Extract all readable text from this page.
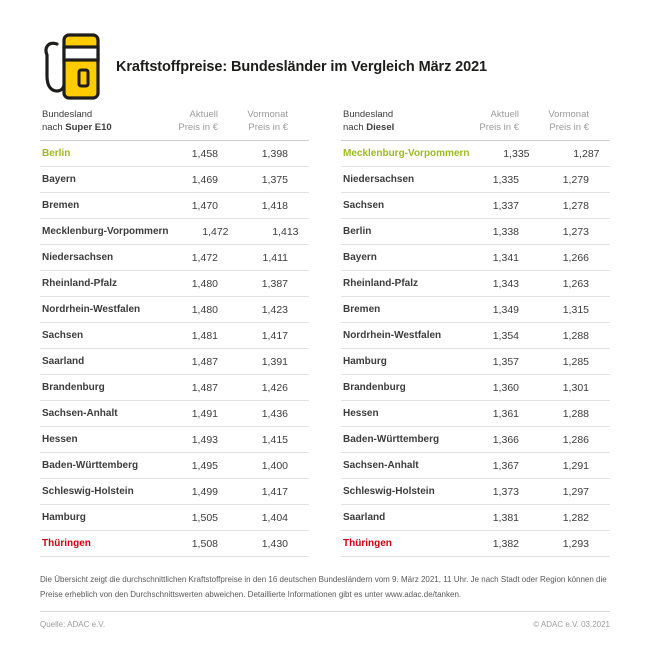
Kraftstoffpreise: Bundesländer im Vergleich März 2021
Bundesland
nach Super E10
Aktuell
Preis in €
Vormonat
Preis in €
Berlin	1,458	1,398
Bayern	1,469	1,375
Bremen	1,470	1,418
Mecklenburg-Vorpommern	1,472	1,413
Niedersachsen	1,472	1,411
Rheinland-Pfalz	1,480	1,387
Nordrhein-Westfalen	1,480	1,423
Sachsen	1,481	1,417
Saarland	1,487	1,391
Brandenburg	1,487	1,426
Sachsen-Anhalt	1,491	1,436
Hessen	1,493	1,415
Baden-Württemberg	1,495	1,400
Schleswig-Holstein	1,499	1,417
Hamburg	1,505	1,404
Thüringen	1,508	1,430
Bundesland
nach Diesel
Aktuell
Preis in €
Vormonat
Preis in €
Mecklenburg-Vorpommern	1,335	1,287
Niedersachsen	1,335	1,279
Sachsen	1,337	1,278
Berlin	1,338	1,273
Bayern	1,341	1,266
Rheinland-Pfalz	1,343	1,263
Bremen	1,349	1,315
Nordrhein-Westfalen	1,354	1,288
Hamburg	1,357	1,285
Brandenburg	1,360	1,301
Hessen	1,361	1,288
Baden-Württemberg	1,366	1,286
Sachsen-Anhalt	1,367	1,291
Schleswig-Holstein	1,373	1,297
Saarland	1,381	1,282
Thüringen	1,382	1,293

Die Übersicht zeigt die durchschnittlichen Kraftstoffpreise in den 16 deutschen Bundesländern vom 9. März 2021, 11 Uhr. Je nach Stadt oder Region können die
Preise erheblich von den Durchschnittswerten abweichen. Detaillierte Informationen gibt es unter www.adac.de/tanken.

Quelle: ADAC e.V.	© ADAC e.V. 03.2021
